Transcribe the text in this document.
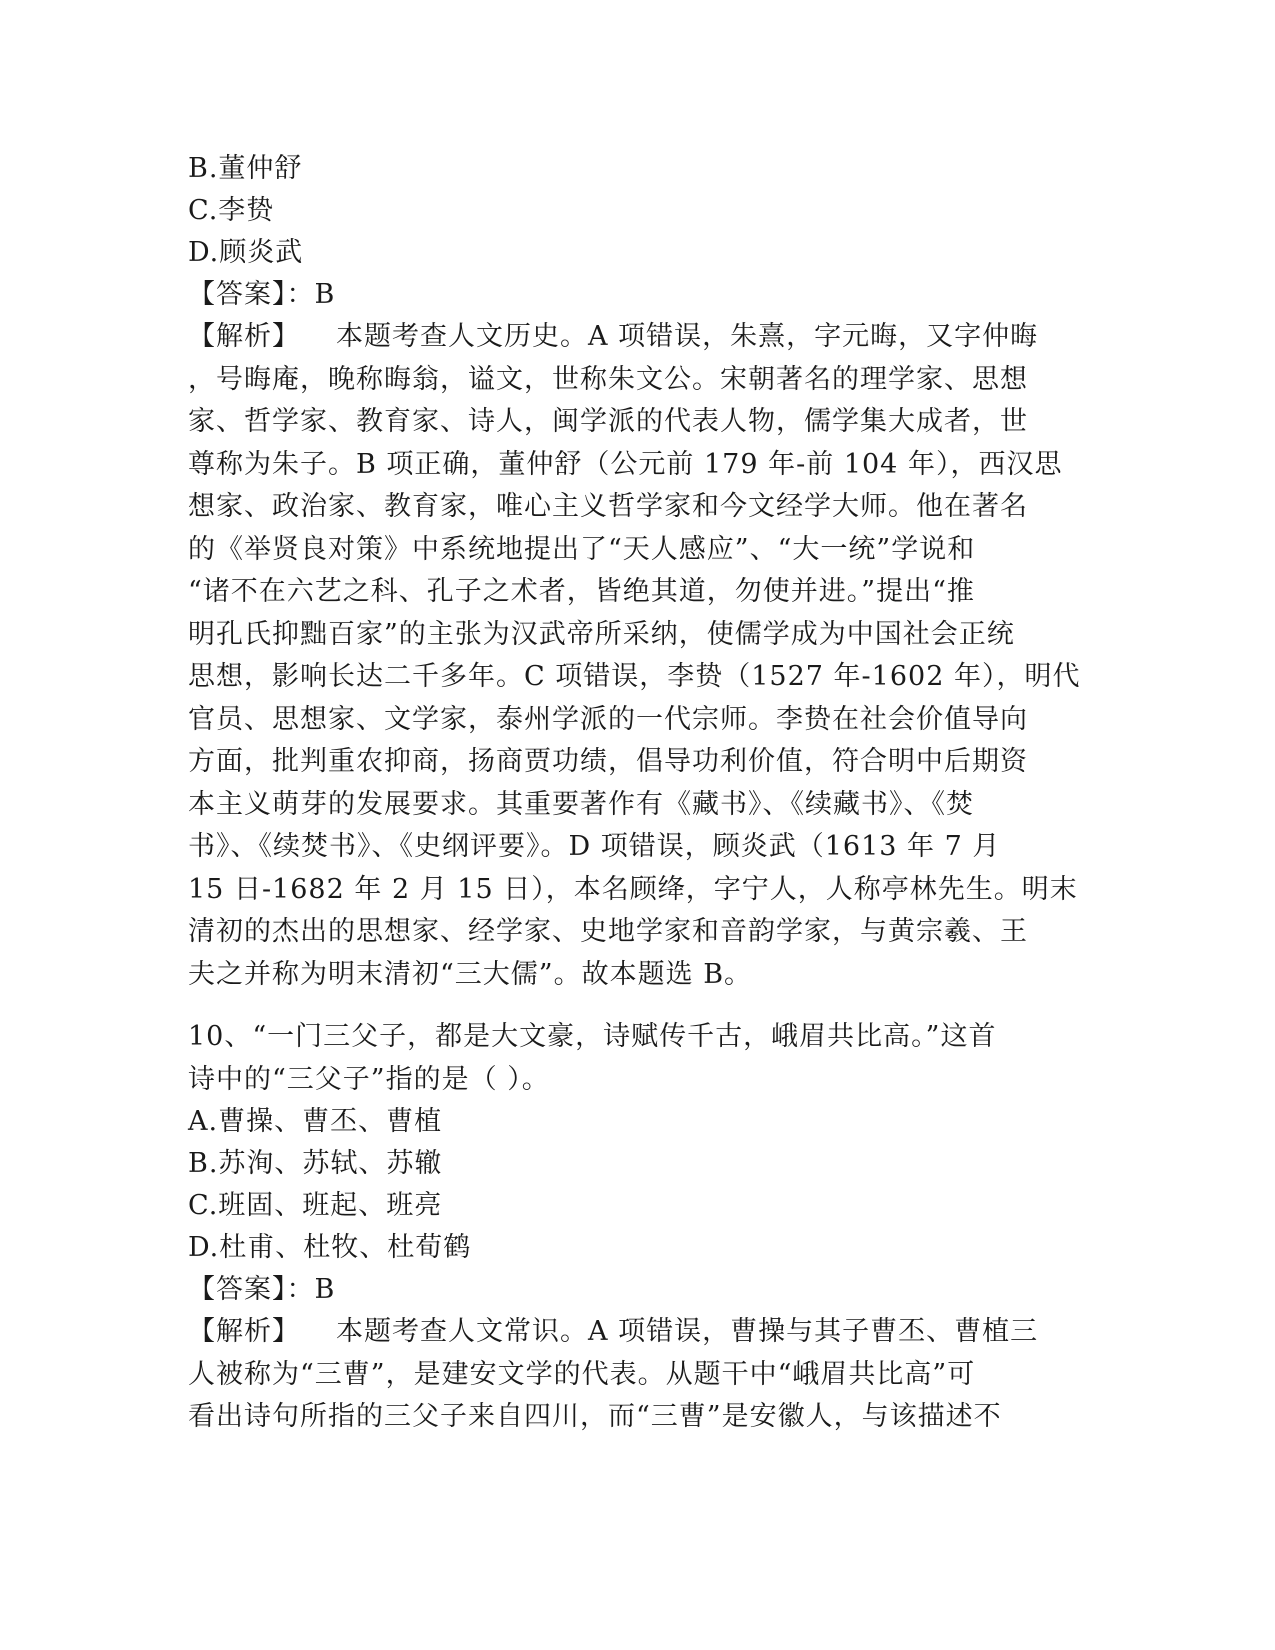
B.董仲舒
C.李贽
D.顾炎武
【答案】：B
【解析】 本题考查人文历史。A 项错误，朱熹，字元晦，又字仲晦
，号晦庵，晚称晦翁，谥文，世称朱文公。宋朝著名的理学家、思想
家、哲学家、教育家、诗人，闽学派的代表人物，儒学集大成者，世
尊称为朱子。B 项正确，董仲舒（公元前 179 年-前 104 年），西汉思
想家、政治家、教育家，唯心主义哲学家和今文经学大师。他在著名
的《举贤良对策》中系统地提出了“天人感应”、“大一统”学说和
“诸不在六艺之科、孔子之术者，皆绝其道，勿使并进。”提出“推
明孔氏抑黜百家”的主张为汉武帝所采纳，使儒学成为中国社会正统
思想，影响长达二千多年。C 项错误，李贽（1527 年-1602 年），明代
官员、思想家、文学家，泰州学派的一代宗师。李贽在社会价值导向
方面，批判重农抑商，扬商贾功绩，倡导功利价值，符合明中后期资
本主义萌芽的发展要求。其重要著作有《藏书》、《续藏书》、《焚
书》、《续焚书》、《史纲评要》。D 项错误，顾炎武（1613 年 7 月
15 日-1682 年 2 月 15 日），本名顾绛，字宁人，人称亭林先生。明末
清初的杰出的思想家、经学家、史地学家和音韵学家，与黄宗羲、王
夫之并称为明末清初“三大儒”。故本题选 B。
10、“一门三父子，都是大文豪，诗赋传千古，峨眉共比高。”这首
诗中的“三父子”指的是（ ）。
A.曹操、曹丕、曹植
B.苏洵、苏轼、苏辙
C.班固、班起、班亮
D.杜甫、杜牧、杜荀鹤
【答案】：B
【解析】 本题考查人文常识。A 项错误，曹操与其子曹丕、曹植三
人被称为“三曹”，是建安文学的代表。从题干中“峨眉共比高”可
看出诗句所指的三父子来自四川，而“三曹”是安徽人，与该描述不
